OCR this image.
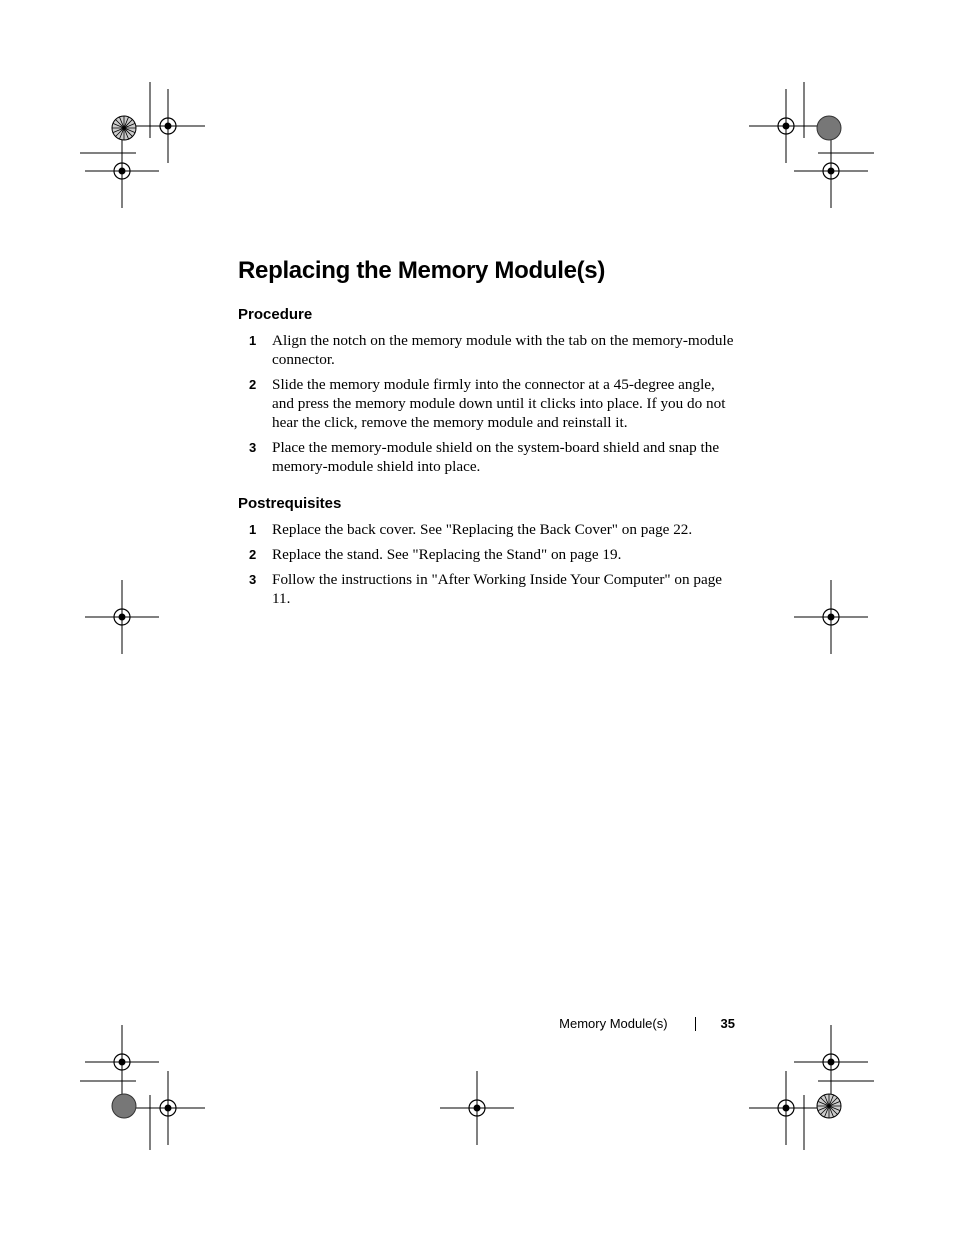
Replacing the Memory Module(s)
Procedure
1 Align the notch on the memory module with the tab on the memory-module connector.
2 Slide the memory module firmly into the connector at a 45-degree angle, and press the memory module down until it clicks into place. If you do not hear the click, remove the memory module and reinstall it.
3 Place the memory-module shield on the system-board shield and snap the memory-module shield into place.
Postrequisites
1 Replace the back cover. See "Replacing the Back Cover" on page 22.
2 Replace the stand. See "Replacing the Stand" on page 19.
3 Follow the instructions in "After Working Inside Your Computer" on page 11.
Memory Module(s)	35
